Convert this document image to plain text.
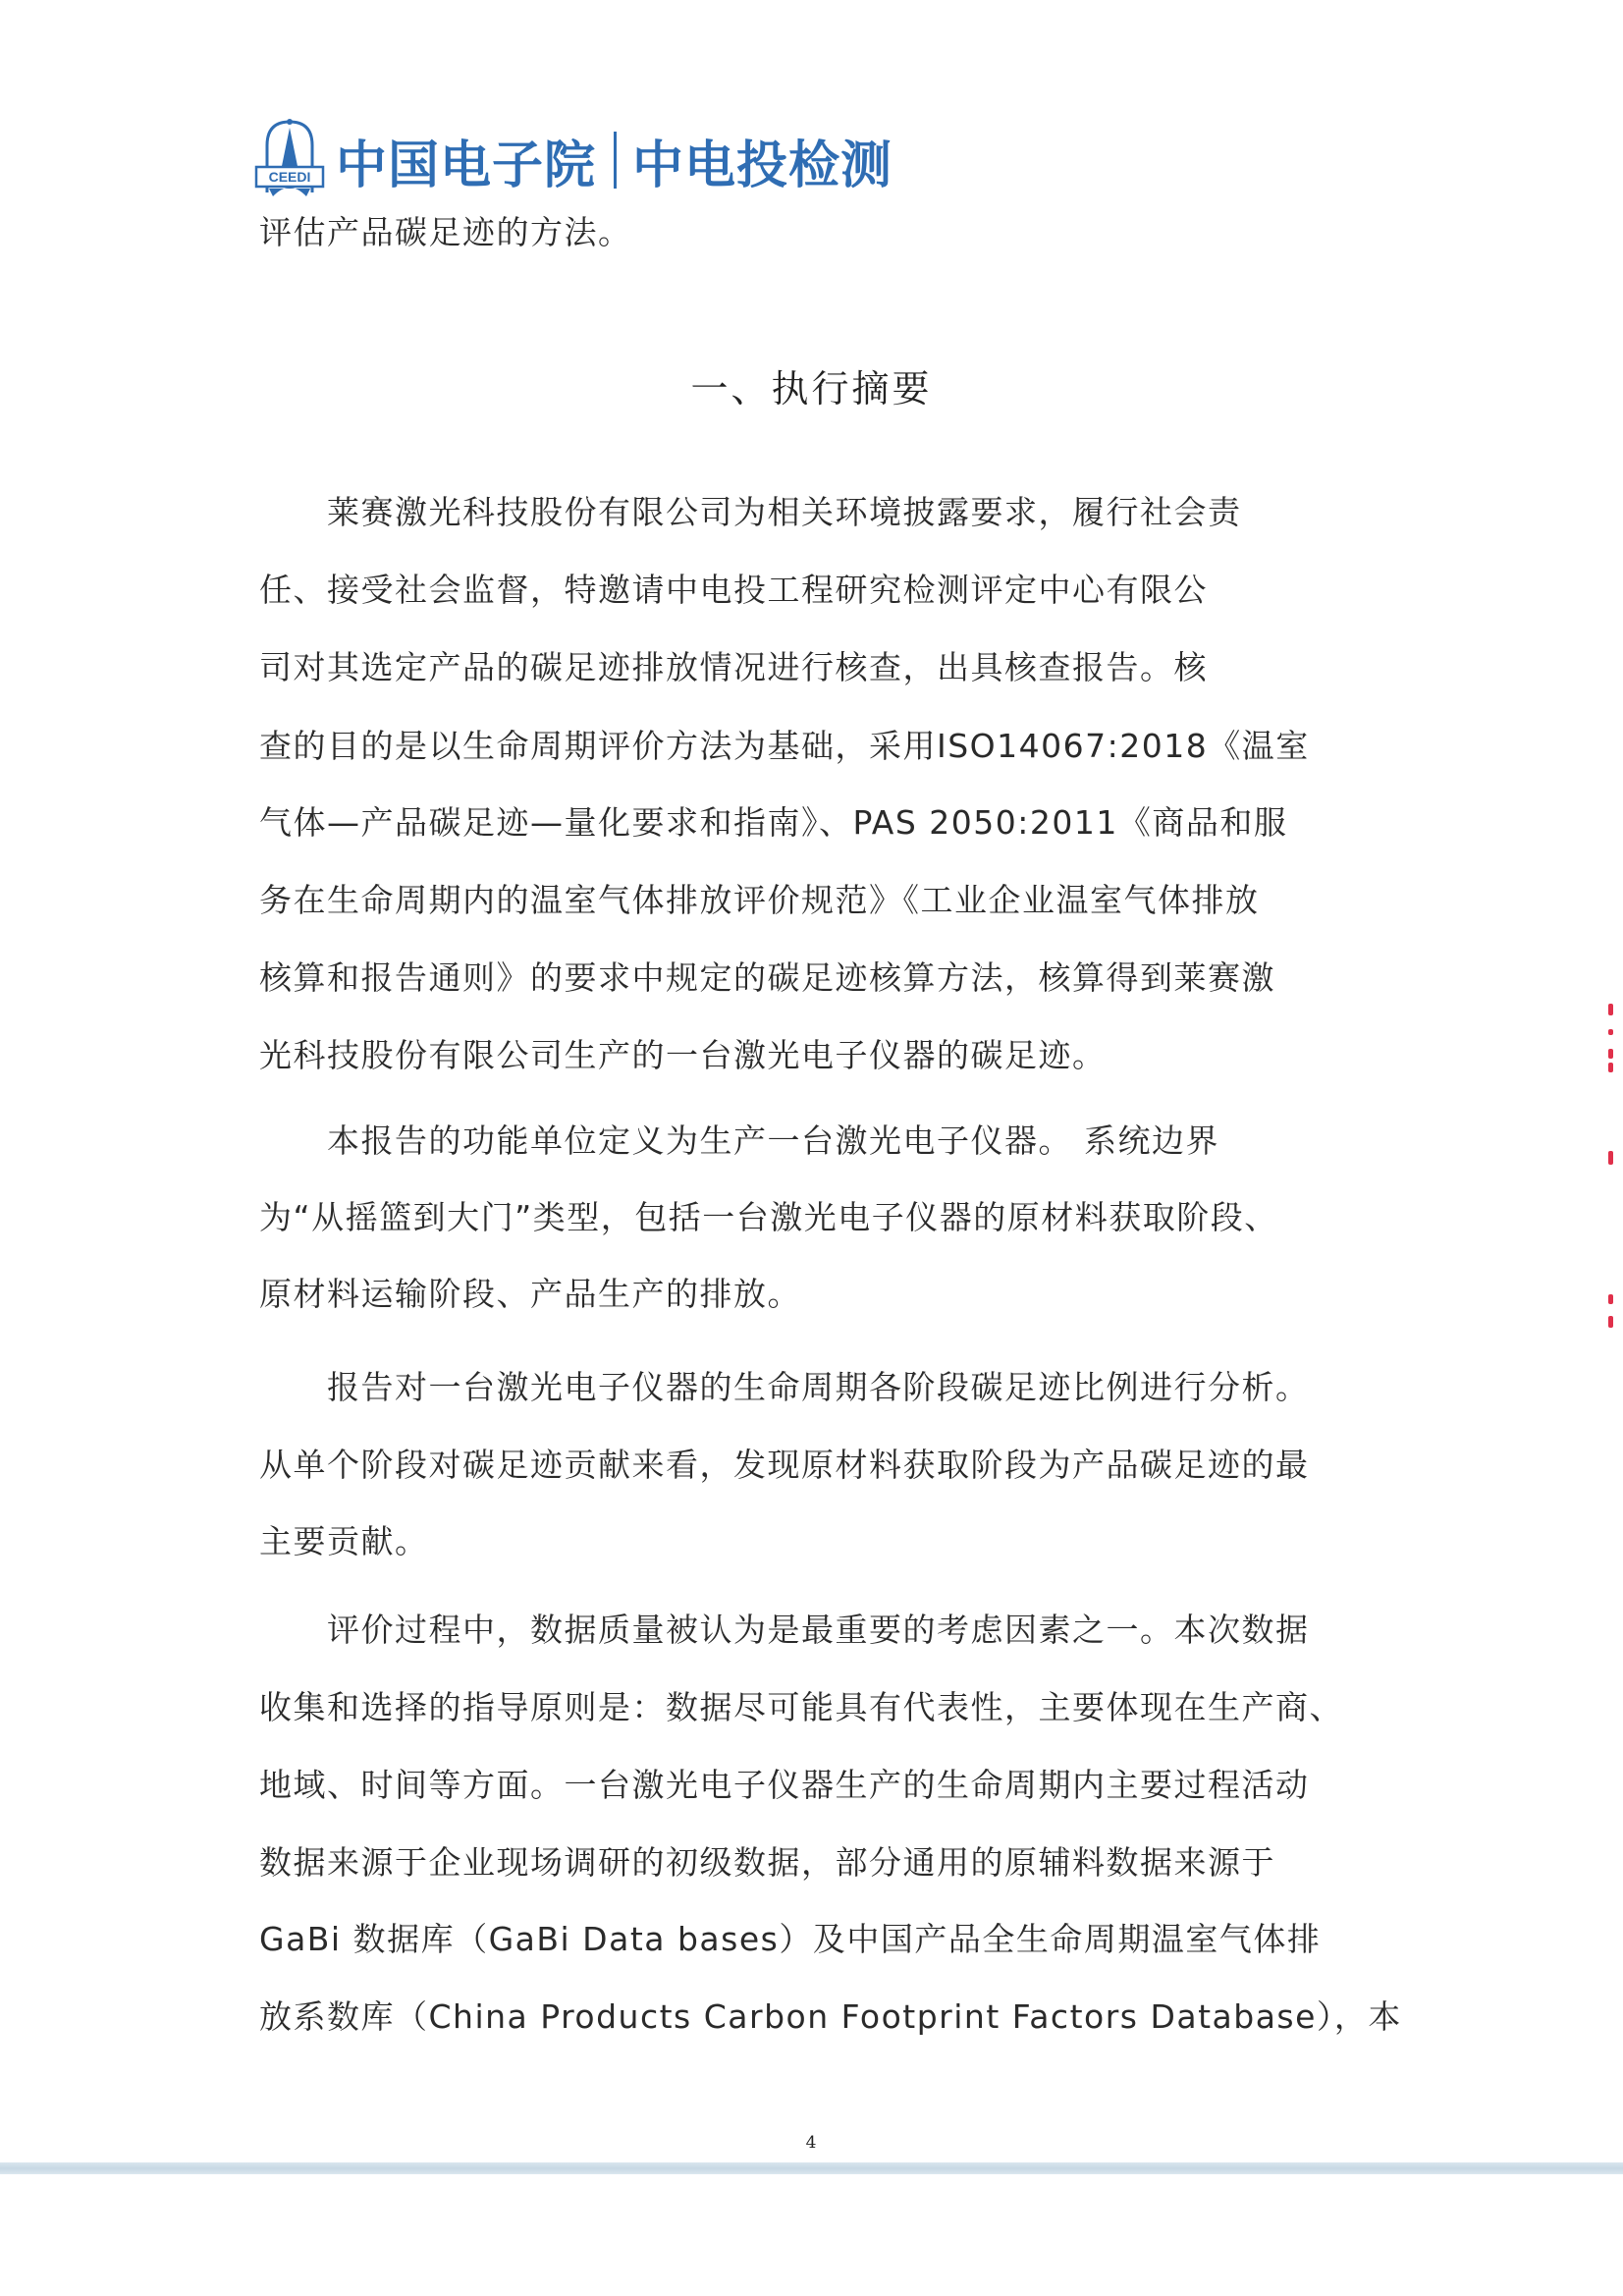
CEEDI 中国电子院 中电投检测
评估产品碳足迹的方法。
一、执行摘要
　　莱赛激光科技股份有限公司为相关环境披露要求，履行社会责
任、接受社会监督，特邀请中电投工程研究检测评定中心有限公
司对其选定产品的碳足迹排放情况进行核查，出具核查报告。核
查的目的是以生命周期评价方法为基础，采用ISO14067:2018《温室
气体—产品碳足迹—量化要求和指南》、PAS 2050:2011《商品和服
务在生命周期内的温室气体排放评价规范》《工业企业温室气体排放
核算和报告通则》的要求中规定的碳足迹核算方法，核算得到莱赛激
光科技股份有限公司生产的一台激光电子仪器的碳足迹。
　　本报告的功能单位定义为生产一台激光电子仪器。 系统边界
为“从摇篮到大门”类型，包括一台激光电子仪器的原材料获取阶段、
原材料运输阶段、产品生产的排放。
　　报告对一台激光电子仪器的生命周期各阶段碳足迹比例进行分析。
从单个阶段对碳足迹贡献来看，发现原材料获取阶段为产品碳足迹的最
主要贡献。
　　评价过程中，数据质量被认为是最重要的考虑因素之一。本次数据
收集和选择的指导原则是：数据尽可能具有代表性，主要体现在生产商、
地域、时间等方面。一台激光电子仪器生产的生命周期内主要过程活动
数据来源于企业现场调研的初级数据，部分通用的原辅料数据来源于
GaBi 数据库（GaBi Data bases）及中国产品全生命周期温室气体排
放系数库（China Products Carbon Footprint Factors Database），本
4
